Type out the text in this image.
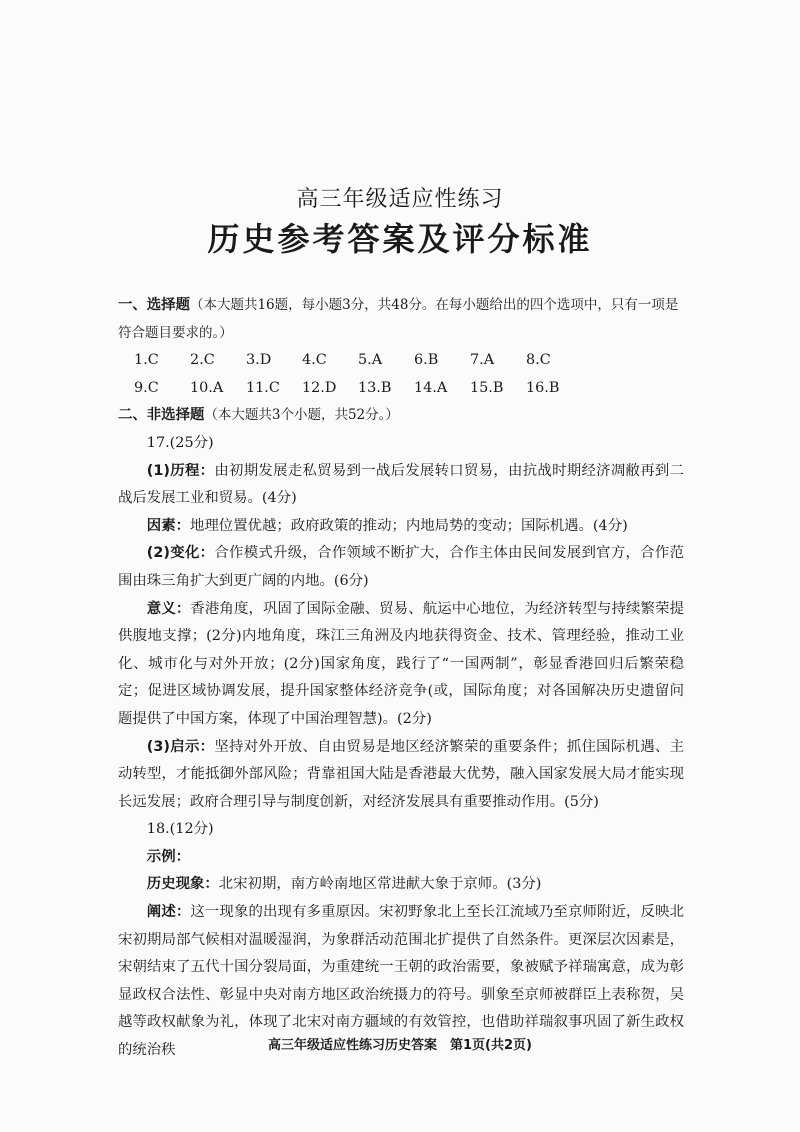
高三年级适应性练习
历史参考答案及评分标准

一、选择题（本大题共16题，每小题3分，共48分。在每小题给出的四个选项中，只有一项是

符合题目要求的。）

1.C	2.C	3.D	4.C	5.A	6.B	7.A	8.C
9.C	10.A	11.C	12.D	13.B	14.A	15.B	16.B

二、非选择题（本大题共3个小题，共52分。）

17.(25分)

(1)历程：由初期发展走私贸易到一战后发展转口贸易，由抗战时期经济凋敝再到二战后发展工业和贸易。(4分)

因素：地理位置优越；政府政策的推动；内地局势的变动；国际机遇。(4分)

(2)变化：合作模式升级，合作领域不断扩大，合作主体由民间发展到官方，合作范围由珠三角扩大到更广阔的内地。(6分)

意义：香港角度，巩固了国际金融、贸易、航运中心地位，为经济转型与持续繁荣提供腹地支撑；(2分)内地角度，珠江三角洲及内地获得资金、技术、管理经验，推动工业化、城市化与对外开放；(2分)国家角度，践行了“一国两制”，彰显香港回归后繁荣稳定；促进区域协调发展，提升国家整体经济竞争(或，国际角度；对各国解决历史遗留问题提供了中国方案，体现了中国治理智慧)。(2分)

(3)启示：坚持对外开放、自由贸易是地区经济繁荣的重要条件；抓住国际机遇、主动转型，才能抵御外部风险；背靠祖国大陆是香港最大优势，融入国家发展大局才能实现长远发展；政府合理引导与制度创新，对经济发展具有重要推动作用。(5分)

18.(12分)

示例：

历史现象：北宋初期，南方岭南地区常进献大象于京师。(3分)

阐述：这一现象的出现有多重原因。宋初野象北上至长江流域乃至京师附近，反映北宋初期局部气候相对温暖湿润，为象群活动范围北扩提供了自然条件。更深层次因素是，宋朝结束了五代十国分裂局面，为重建统一王朝的政治需要，象被赋予祥瑞寓意，成为彰显政权合法性、彰显中央对南方地区政治统摄力的符号。驯象至京师被群臣上表称贺，吴越等政权献象为礼，体现了北宋对南方疆域的有效管控，也借助祥瑞叙事巩固了新生政权的统治秩	高三年级适应性练习历史答案　第1页(共2页)
